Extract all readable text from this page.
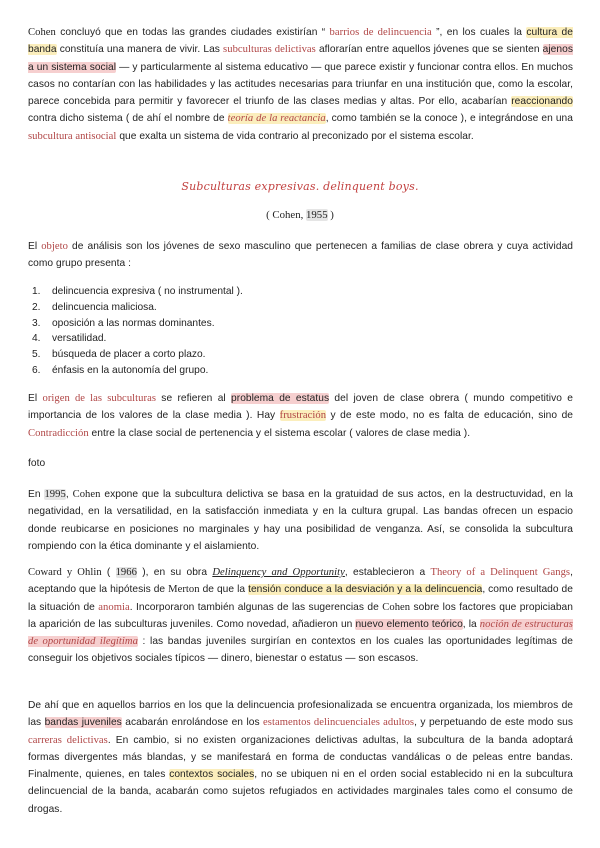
Cohen concluyó que en todas las grandes ciudades existirían “ barrios de delincuencia ”, en los cuales la cultura de banda constituía una manera de vivir. Las subculturas delictivas aflorarían entre aquellos jóvenes que se sienten ajenos a un sistema social — y particularmente al sistema educativo — que parece existir y funcionar contra ellos. En muchos casos no contarían con las habilidades y las actitudes necesarias para triunfar en una institución que, como la escolar, parece concebida para permitir y favorecer el triunfo de las clases medias y altas. Por ello, acabarían reaccionando contra dicho sistema ( de ahí el nombre de teoría de la reactancia, como también se la conoce ), e integrándose en una subcultura antisocial que exalta un sistema de vida contrario al preconizado por el sistema escolar.

Subculturas expresivas. delinquent boys.

( Cohen, 1955 )

El objeto de análisis son los jóvenes de sexo masculino que pertenecen a familias de clase obrera y cuya actividad como grupo presenta :

1. delincuencia expresiva ( no instrumental ).
2. delincuencia maliciosa.
3. oposición a las normas dominantes.
4. versatilidad.
5. búsqueda de placer a corto plazo.
6. énfasis en la autonomía del grupo.

El origen de las subculturas se refieren al problema de estatus del joven de clase obrera ( mundo competitivo e importancia de los valores de la clase media ). Hay frustración y de este modo, no es falta de educación, sino de Contradicción entre la clase social de pertenencia y el sistema escolar ( valores de clase media ).

foto

En 1995, Cohen expone que la subcultura delictiva se basa en la gratuidad de sus actos, en la destructuvidad, en la negatividad, en la versatilidad, en la satisfacción inmediata y en la cultura grupal. Las bandas ofrecen un espacio donde reubicarse en posiciones no marginales y hay una posibilidad de venganza. Así, se consolida la subcultura rompiendo con la ética dominante y el aislamiento.

Coward y Ohlin ( 1966 ), en su obra Delinquency and Opportunity, establecieron a Theory of a Delinquent Gangs, aceptando que la hipótesis de Merton de que la tensión conduce a la desviación y a la delincuencia, como resultado de la situación de anomia. Incorporaron también algunas de las sugerencias de Cohen sobre los factores que propiciaban la aparición de las subculturas juveniles. Como novedad, añadieron un nuevo elemento teórico, la noción de estructuras de oportunidad ilegítima : las bandas juveniles surgirían en contextos en los cuales las oportunidades legítimas de conseguir los objetivos sociales típicos — dinero, bienestar o estatus — son escasos.

De ahí que en aquellos barrios en los que la delincuencia profesionalizada se encuentra organizada, los miembros de las bandas juveniles acabarán enrolándose en los estamentos delincuenciales adultos, y perpetuando de este modo sus carreras delictivas. En cambio, si no existen organizaciones delictivas adultas, la subcultura de la banda adoptará formas divergentes más blandas, y se manifestará en forma de conductas vandálicas o de peleas entre bandas. Finalmente, quienes, en tales contextos sociales, no se ubiquen ni en el orden social establecido ni en la subcultura delincuencial de la banda, acabarán como sujetos refugiados en actividades marginales tales como el consumo de drogas.
